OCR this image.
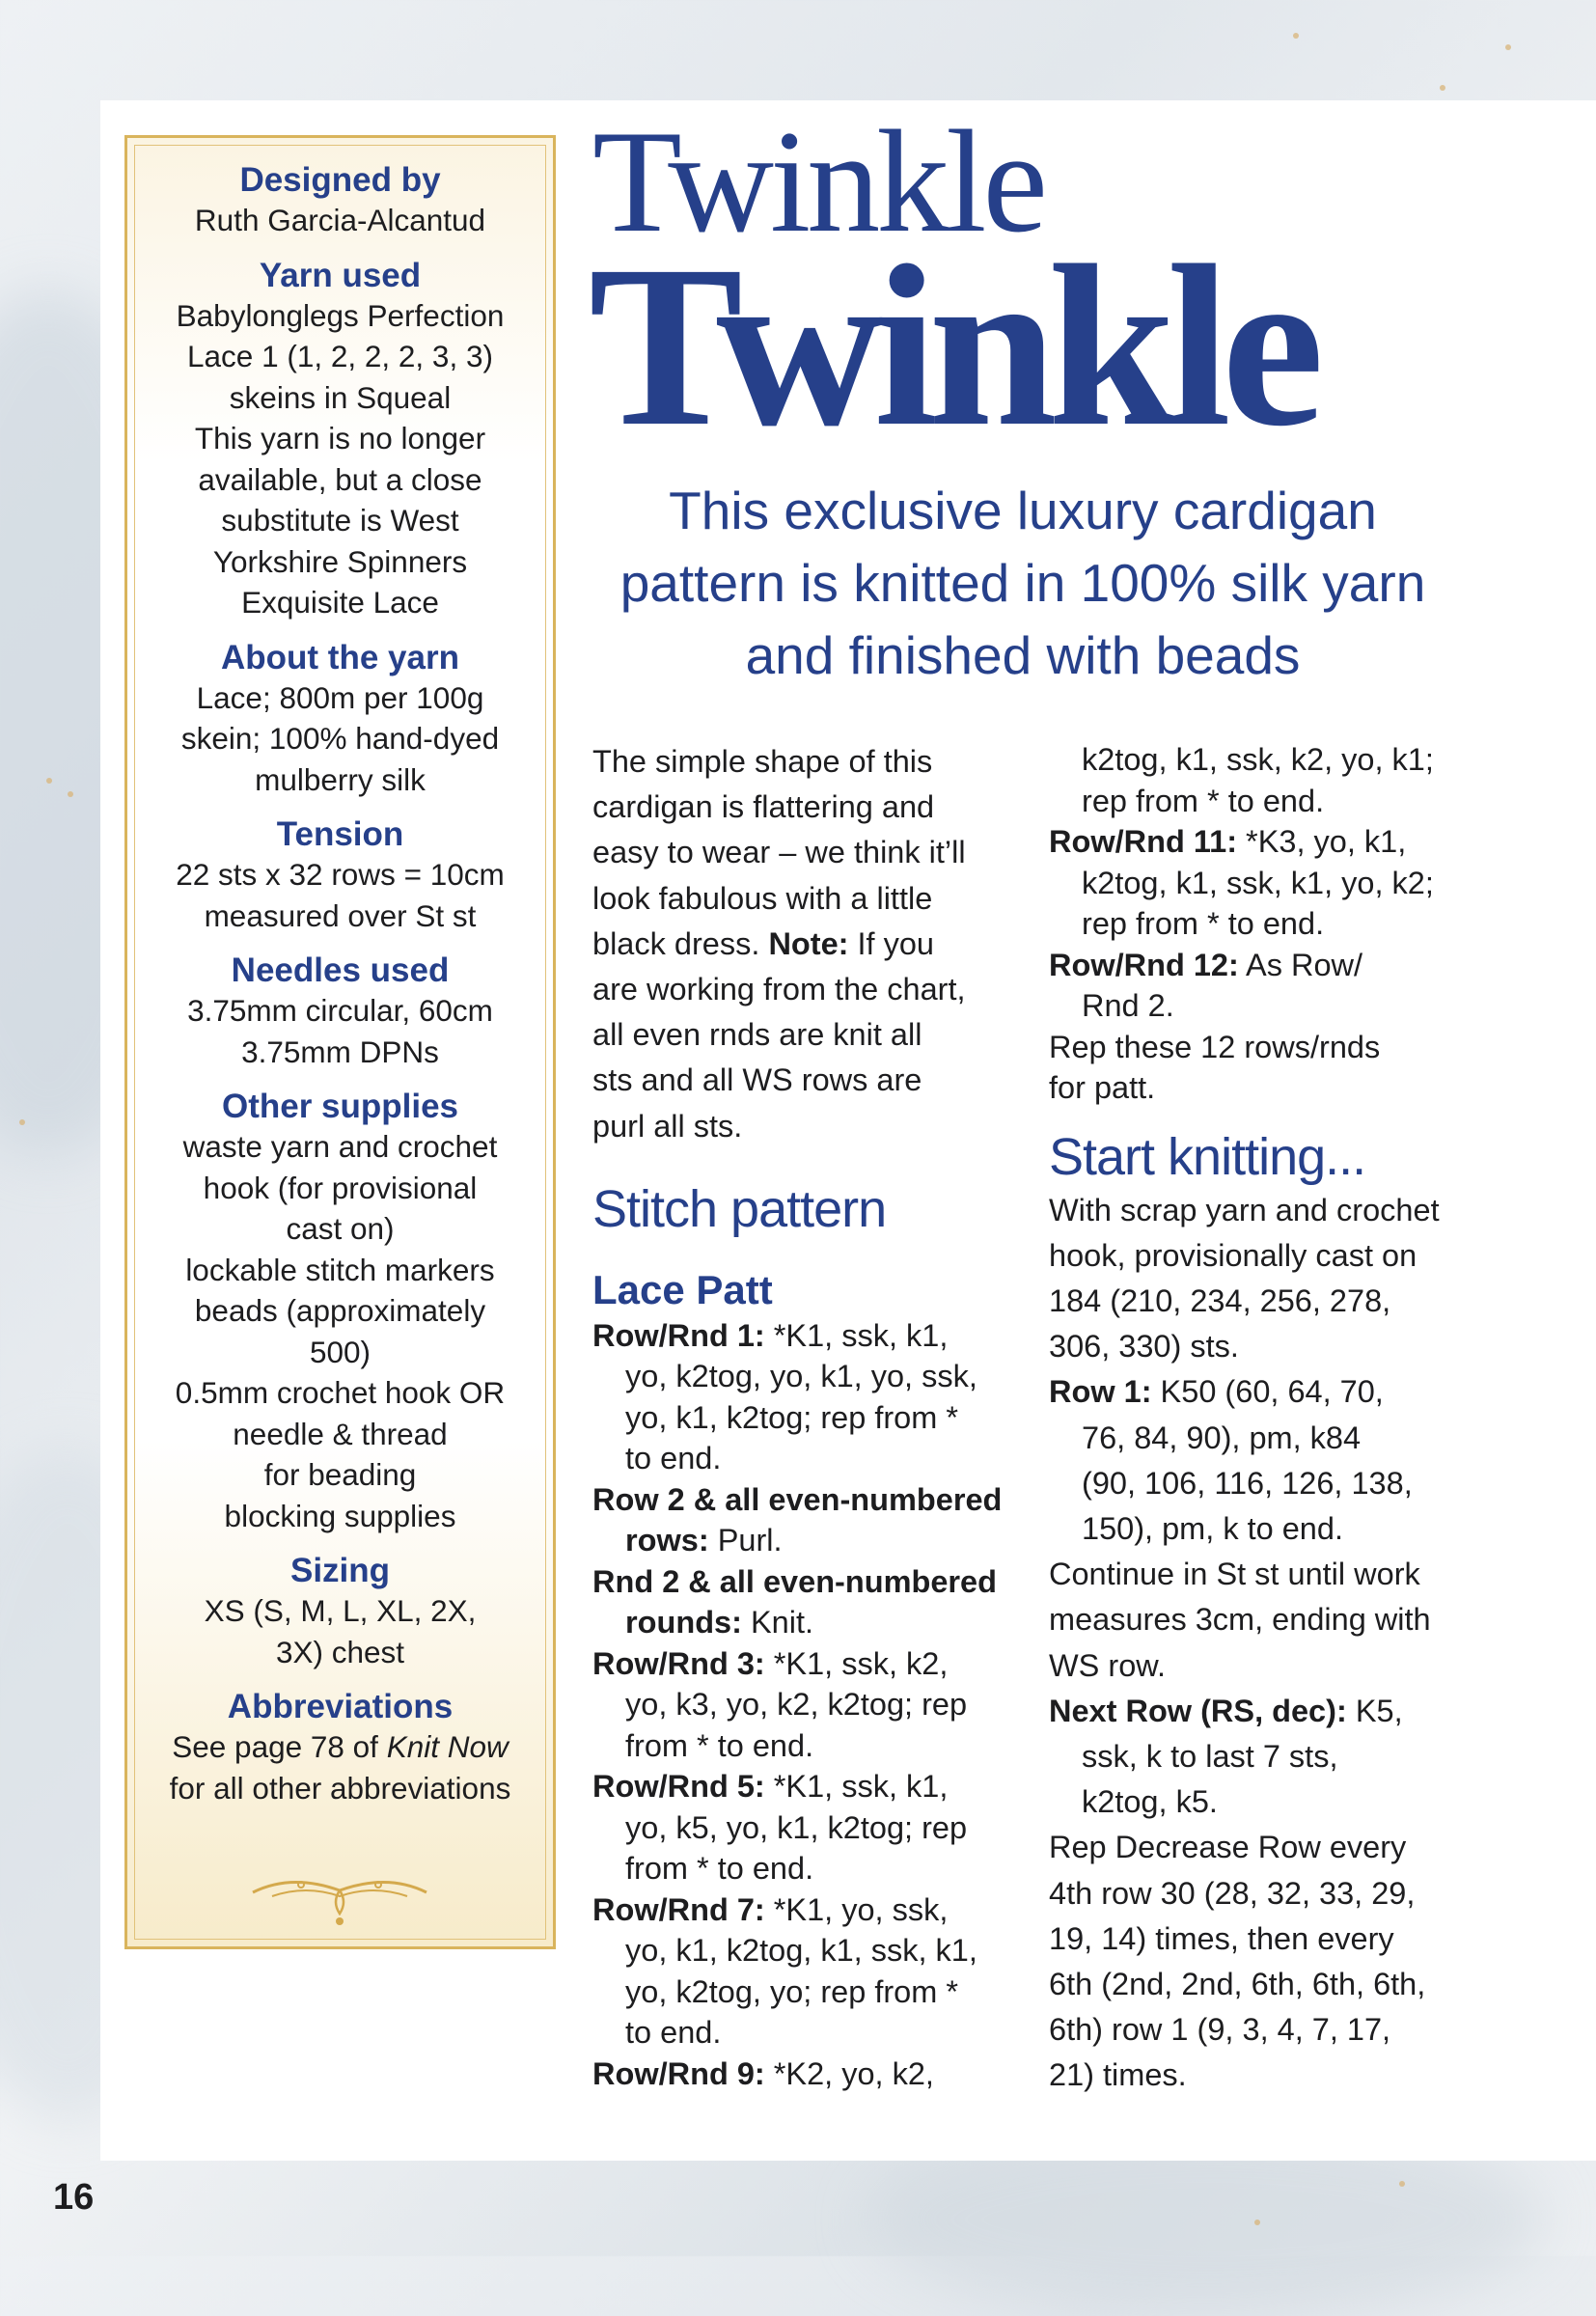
Designed by
Ruth Garcia-Alcantud
Yarn used
Babylonglegs Perfection
Lace 1 (1, 2, 2, 2, 3, 3)
skeins in Squeal
This yarn is no longer
available, but a close
substitute is West
Yorkshire Spinners
Exquisite Lace
About the yarn
Lace; 800m per 100g
skein; 100% hand-dyed
mulberry silk
Tension
22 sts x 32 rows = 10cm
measured over St st
Needles used
3.75mm circular, 60cm
3.75mm DPNs
Other supplies
waste yarn and crochet
hook (for provisional
cast on)
lockable stitch markers
beads (approximately
500)
0.5mm crochet hook OR
needle & thread
for beading
blocking supplies
Sizing
XS (S, M, L, XL, 2X,
3X) chest
Abbreviations
See page 78 of Knit Now
for all other abbreviations
Twinkle
Twinkle
This exclusive luxury cardigan
pattern is knitted in 100% silk yarn
and finished with beads
The simple shape of this
cardigan is flattering and
easy to wear – we think it’ll
look fabulous with a little
black dress. Note: If you
are working from the chart,
all even rnds are knit all
sts and all WS rows are
purl all sts.
Stitch pattern
Lace Patt
Row/Rnd 1: *K1, ssk, k1,
yo, k2tog, yo, k1, yo, ssk,
yo, k1, k2tog; rep from *
to end.
Row 2 & all even-numbered
rows: Purl.
Rnd 2 & all even-numbered
rounds: Knit.
Row/Rnd 3: *K1, ssk, k2,
yo, k3, yo, k2, k2tog; rep
from * to end.
Row/Rnd 5: *K1, ssk, k1,
yo, k5, yo, k1, k2tog; rep
from * to end.
Row/Rnd 7: *K1, yo, ssk,
yo, k1, k2tog, k1, ssk, k1,
yo, k2tog, yo; rep from *
to end.
Row/Rnd 9: *K2, yo, k2,
k2tog, k1, ssk, k2, yo, k1;
rep from * to end.
Row/Rnd 11: *K3, yo, k1,
k2tog, k1, ssk, k1, yo, k2;
rep from * to end.
Row/Rnd 12: As Row/
Rnd 2.
Rep these 12 rows/rnds
for patt.
Start knitting...
With scrap yarn and crochet
hook, provisionally cast on
184 (210, 234, 256, 278,
306, 330) sts.
Row 1: K50 (60, 64, 70,
76, 84, 90), pm, k84
(90, 106, 116, 126, 138,
150), pm, k to end.
Continue in St st until work
measures 3cm, ending with
WS row.
Next Row (RS, dec): K5,
ssk, k to last 7 sts,
k2tog, k5.
Rep Decrease Row every
4th row 30 (28, 32, 33, 29,
19, 14) times, then every
6th (2nd, 2nd, 6th, 6th, 6th,
6th) row 1 (9, 3, 4, 7, 17,
21) times.
16
